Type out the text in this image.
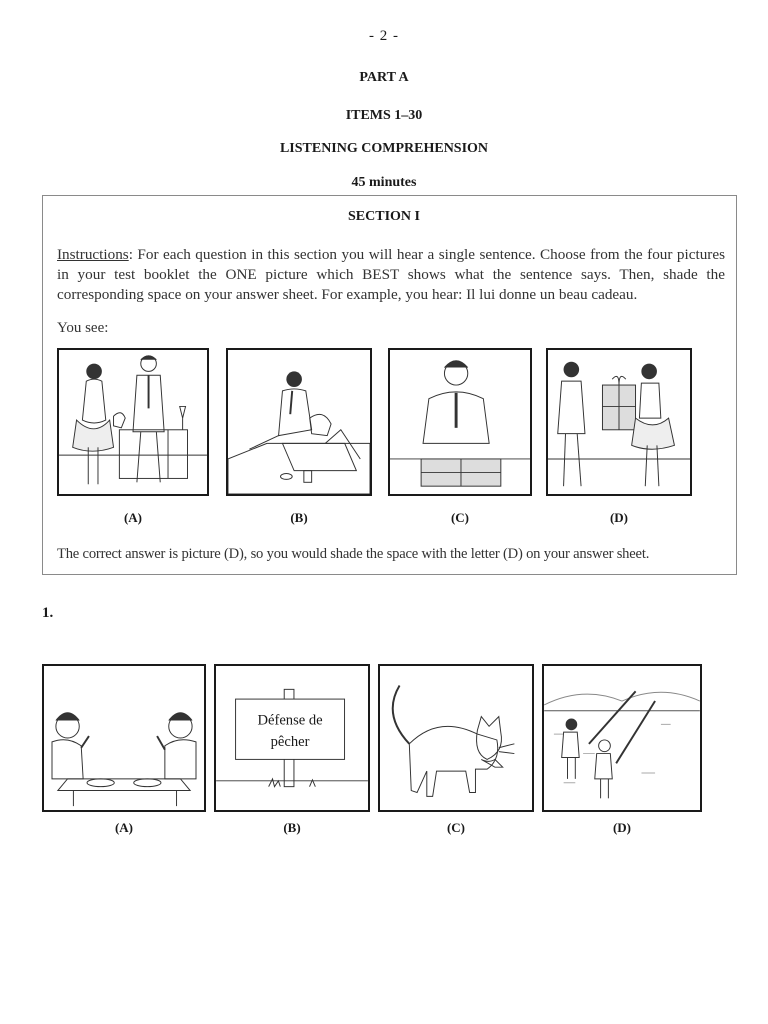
- 2 -
PART A
ITEMS 1–30
LISTENING COMPREHENSION
45 minutes
SECTION I
Instructions: For each question in this section you will hear a single sentence. Choose from the four pictures in your test booklet the ONE picture which BEST shows what the sentence says. Then, shade the corresponding space on your answer sheet. For example, you hear: Il lui donne un beau cadeau.
You see:
(A)	(B)	(C)	(D)
The correct answer is picture (D), so you would shade the space with the letter (D) on your answer sheet.
1.
Défense de
pêcher
(A)	(B)	(C)	(D)
